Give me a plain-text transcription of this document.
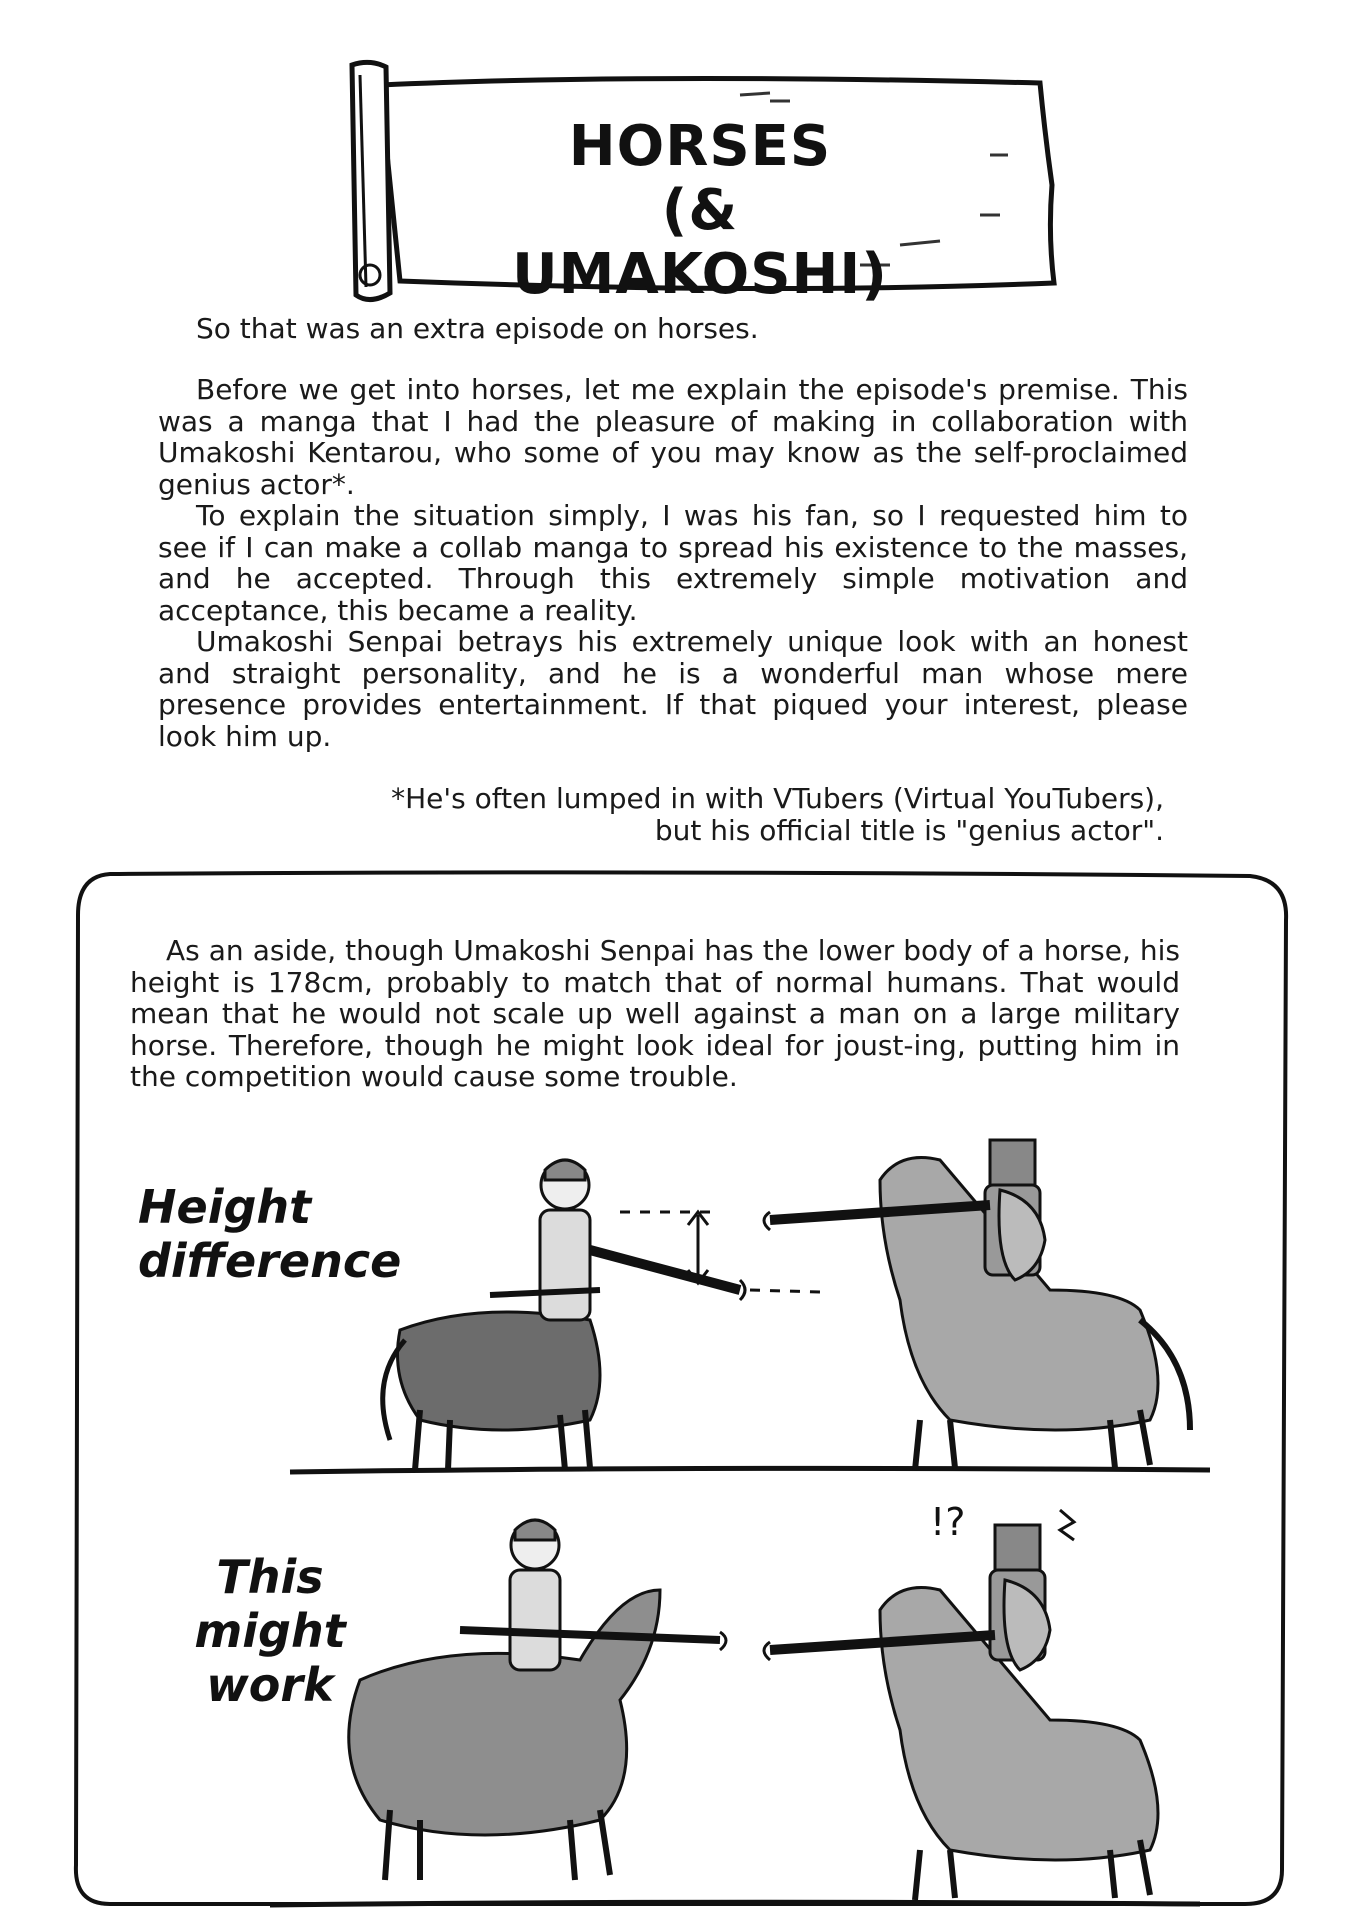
HORSES
(& UMAKOSHI)

So that was an extra episode on horses.

Before we get into horses, let me explain the episode's premise. This was a manga that I had the pleasure of making in collaboration with Umakoshi Kentarou, who some of you may know as the self-proclaimed genius actor*.

To explain the situation simply, I was his fan, so I requested him to see if I can make a collab manga to spread his existence to the masses, and he accepted. Through this extremely simple motivation and acceptance, this became a reality.

Umakoshi Senpai betrays his extremely unique look with an honest and straight personality, and he is a wonderful man whose mere presence provides entertainment. If that piqued your interest, please look him up.

*He's often lumped in with VTubers (Virtual YouTubers),
but his official title is "genius actor".

As an aside, though Umakoshi Senpai has the lower body of a horse, his height is 178cm, probably to match that of normal humans. That would mean that he would not scale up well against a man on a large military horse. Therefore, though he might look ideal for joust-ing, putting him in the competition would cause some trouble.

Height difference
This might work
!?
